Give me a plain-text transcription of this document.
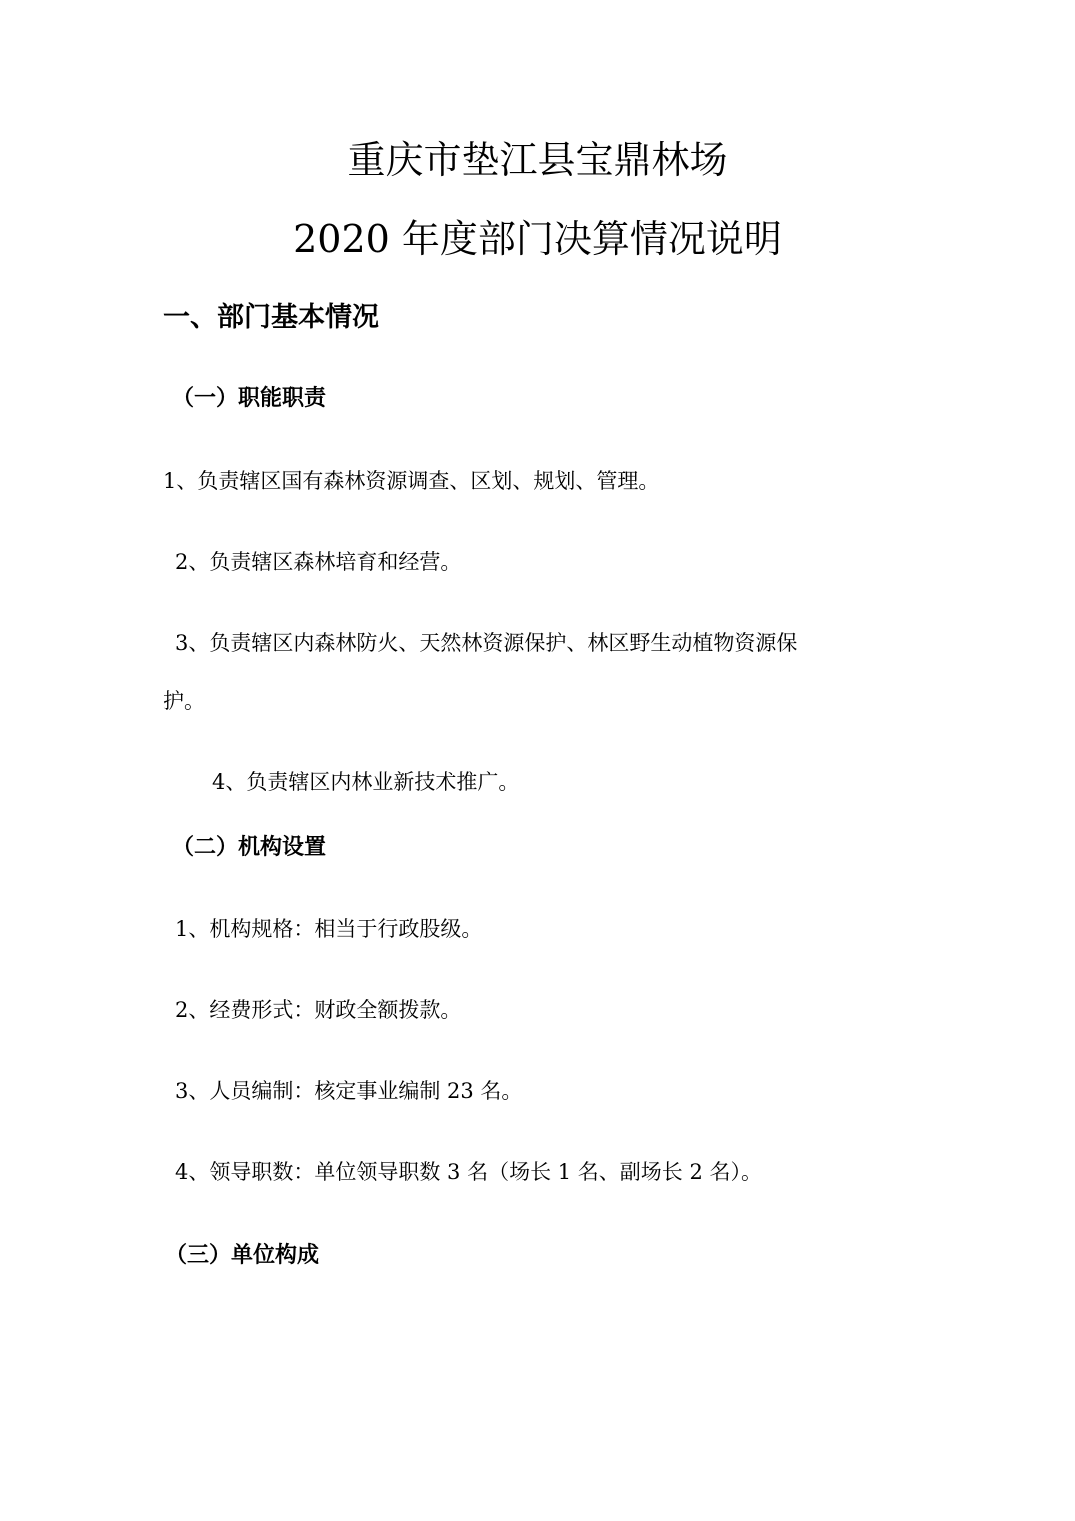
重庆市垫江县宝鼎林场
2020 年度部门决算情况说明
一、部门基本情况
（一）职能职责
1、负责辖区国有森林资源调查、区划、规划、管理。
2、负责辖区森林培育和经营。
3、负责辖区内森林防火、天然林资源保护、林区野生动植物资源保
护。
4、负责辖区内林业新技术推广。
（二）机构设置
1、机构规格：相当于行政股级。
2、经费形式：财政全额拨款。
3、人员编制：核定事业编制 23 名。
4、领导职数：单位领导职数 3 名（场长 1 名、副场长 2 名）。
（三）单位构成
